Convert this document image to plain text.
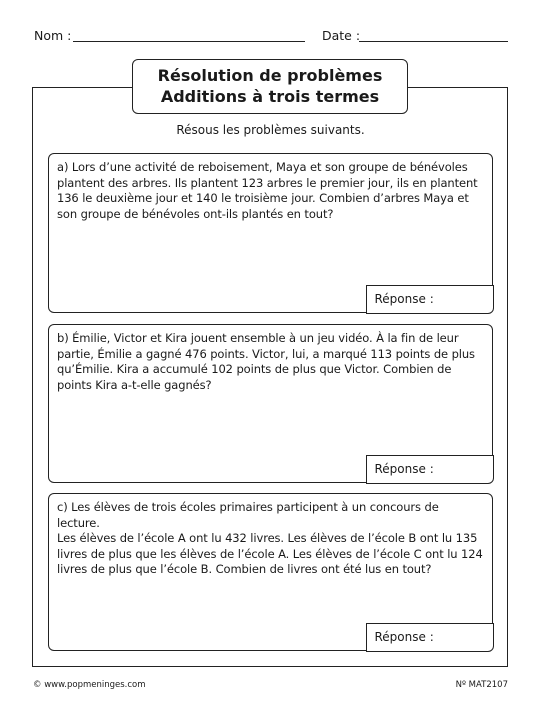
Nom :	Date :
Résolution de problèmes
Additions à trois termes
Résous les problèmes suivants.
a) Lors d’une activité de reboisement, Maya et son groupe de bénévoles
plantent des arbres. Ils plantent 123 arbres le premier jour, ils en plantent
136 le deuxième jour et 140 le troisième jour. Combien d’arbres Maya et
son groupe de bénévoles ont-ils plantés en tout?
Réponse :
b) Émilie, Victor et Kira jouent ensemble à un jeu vidéo. À la fin de leur
partie, Émilie a gagné 476 points. Victor, lui, a marqué 113 points de plus
qu’Émilie. Kira a accumulé 102 points de plus que Victor. Combien de
points Kira a-t-elle gagnés?
Réponse :
c) Les élèves de trois écoles primaires participent à un concours de lecture.
Les élèves de l’école A ont lu 432 livres. Les élèves de l’école B ont lu 135
livres de plus que les élèves de l’école A. Les élèves de l’école C ont lu 124
livres de plus que l’école B. Combien de livres ont été lus en tout?
Réponse :
© www.popmeninges.com	Nº MAT2107
